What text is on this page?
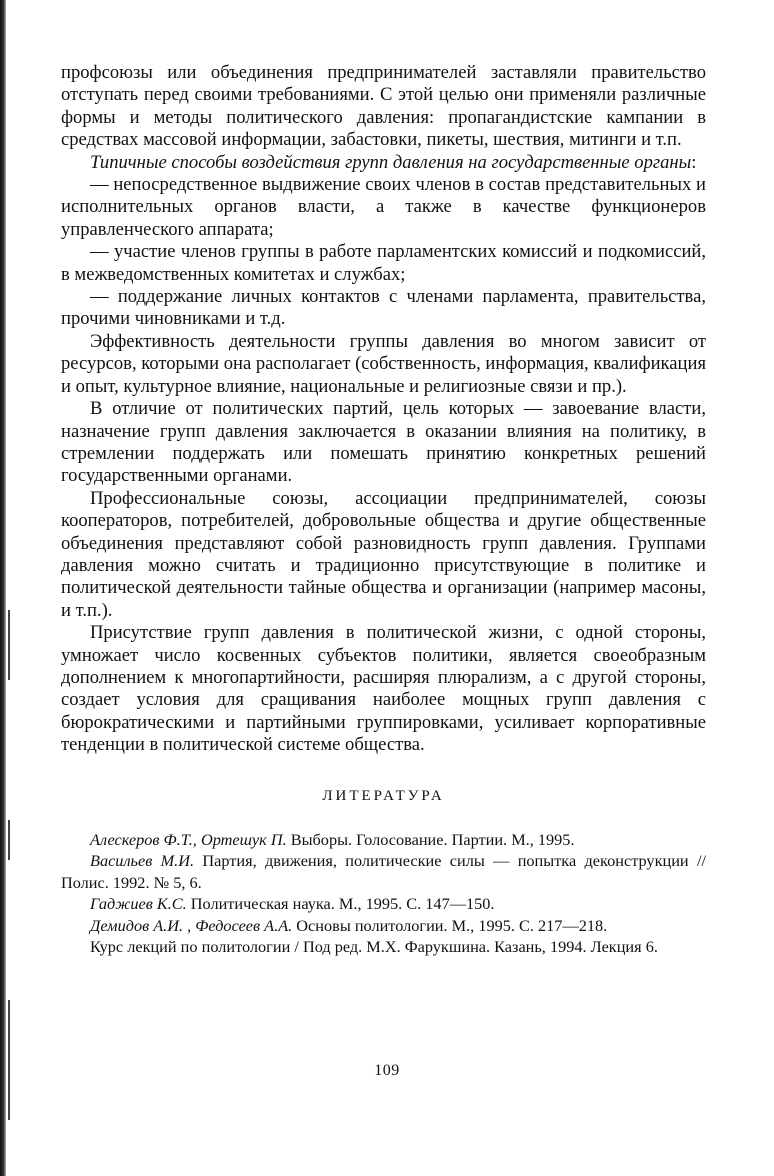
профсоюзы или объединения предпринимателей заставляли правительство отступать перед своими требованиями. С этой целью они применяли различные формы и методы политического давления: пропагандистские кампании в средствах массовой информации, забастовки, пикеты, шествия, митинги и т.п.

Типичные способы воздействия групп давления на государственные органы:

— непосредственное выдвижение своих членов в состав представительных и исполнительных органов власти, а также в качестве функционеров управленческого аппарата;

— участие членов группы в работе парламентских комиссий и подкомиссий, в межведомственных комитетах и службах;

— поддержание личных контактов с членами парламента, правительства, прочими чиновниками и т.д.

Эффективность деятельности группы давления во многом зависит от ресурсов, которыми она располагает (собственность, информация, квалификация и опыт, культурное влияние, национальные и религиозные связи и пр.).

В отличие от политических партий, цель которых — завоевание власти, назначение групп давления заключается в оказании влияния на политику, в стремлении поддержать или помешать принятию конкретных решений государственными органами.

Профессиональные союзы, ассоциации предпринимателей, союзы кооператоров, потребителей, добровольные общества и другие общественные объединения представляют собой разновидность групп давления. Группами давления можно считать и традиционно присутствующие в политике и политической деятельности тайные общества и организации (например масоны, и т.п.).

Присутствие групп давления в политической жизни, с одной стороны, умножает число косвенных субъектов политики, является своеобразным дополнением к многопартийности, расширяя плюрализм, а с другой стороны, создает условия для сращивания наиболее мощных групп давления с бюрократическими и партийными группировками, усиливает корпоративные тенденции в политической системе общества.

ЛИТЕРАТУРА

Алескеров Ф.Т., Ортешук П. Выборы. Голосование. Партии. М., 1995.

Васильев М.И. Партия, движения, политические силы — попытка деконструкции // Полис. 1992. № 5, 6.

Гаджиев К.С. Политическая наука. М., 1995. С. 147—150.

Демидов А.И. , Федосеев А.А. Основы политологии. М., 1995. С. 217—218.

Курс лекций по политологии / Под ред. М.Х. Фарукшина. Казань, 1994. Лекция 6.

109
